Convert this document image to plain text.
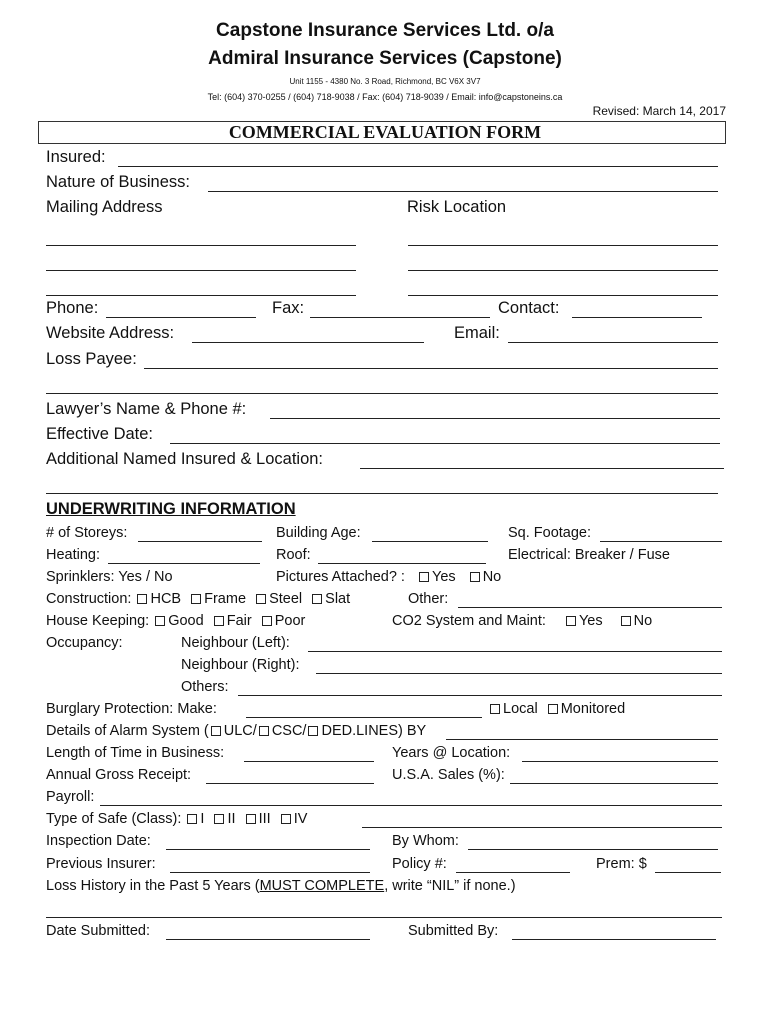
Capstone Insurance Services Ltd. o/a
Admiral Insurance Services (Capstone)
Unit 1155 - 4380 No. 3 Road, Richmond, BC V6X 3V7
Tel: (604) 370-0255 / (604) 718-9038 / Fax: (604) 718-9039 / Email: info@capstoneins.ca
Revised: March 14, 2017
COMMERCIAL EVALUATION FORM
Insured:
Nature of Business:
Mailing Address	Risk Location
Phone:	Fax:	Contact:
Website Address:	Email:
Loss Payee:
Lawyer’s Name & Phone #:
Effective Date:
Additional Named Insured & Location:
UNDERWRITING INFORMATION
# of Storeys:	Building Age:	Sq. Footage:
Heating:	Roof:	Electrical: Breaker / Fuse
Sprinklers: Yes / No	Pictures Attached? : Yes No
Construction: HCB Frame Steel Slat	Other:
House Keeping: Good Fair Poor	CO2 System and Maint: Yes No
Occupancy:	Neighbour (Left):
Neighbour (Right):
Others:
Burglary Protection: Make:	Local Monitored
Details of Alarm System ( ULC/ CSC/ DED.LINES) BY
Length of Time in Business:	Years @ Location:
Annual Gross Receipt:	U.S.A. Sales (%):
Payroll:
Type of Safe (Class): I II III IV
Inspection Date:	By Whom:
Previous Insurer:	Policy #:	Prem: $
Loss History in the Past 5 Years (MUST COMPLETE, write “NIL” if none.)
Date Submitted:	Submitted By:
